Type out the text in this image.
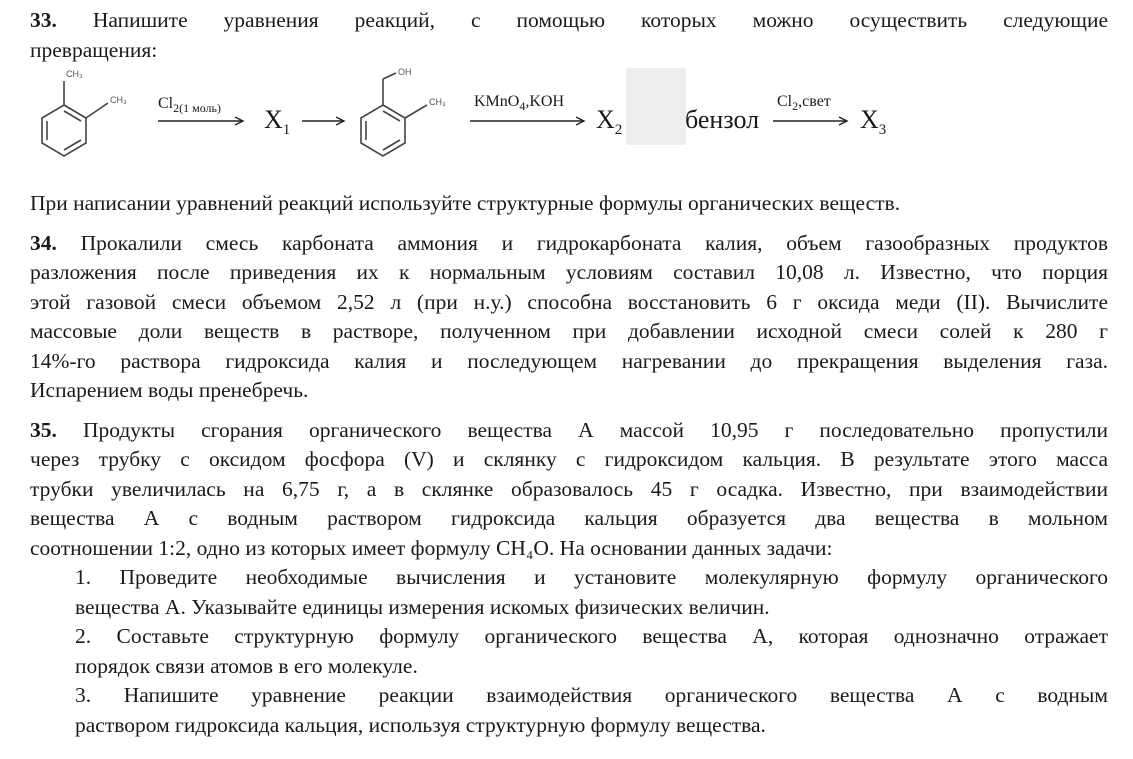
33. Напишите уравнения реакций, с помощью которых можно осуществить следующие
превращения:
CH₃
CH₃
OH
CH₃
$Cl_{2(1 моль)}$ $X_1$
KMnO$_4$,KOH
$X_2$ бензол
$Cl_2,свет$
$X_3$
При написании уравнений реакций используйте структурные формулы органических веществ.
34. Прокалили смесь карбоната аммония и гидрокарбоната калия, объем газообразных продуктов
разложения после приведения их к нормальным условиям составил 10,08 л. Известно, что порция
этой газовой смеси объемом 2,52 л (при н.у.) способна восстановить 6 г оксида меди (II). Вычислите
массовые доли веществ в растворе, полученном при добавлении исходной смеси солей к 280 г
14%-го раствора гидроксида калия и последующем нагревании до прекращения выделения газа.
Испарением воды пренебречь.
35. Продукты сгорания органического вещества А массой 10,95 г последовательно пропустили
через трубку с оксидом фосфора (V) и склянку с гидроксидом кальция. В результате этого масса
трубки увеличилась на 6,75 г, а в склянке образовалось 45 г осадка. Известно, при взаимодействии
вещества А с водным раствором гидроксида кальция образуется два вещества в мольном
соотношении 1:2, одно из которых имеет формулу CH₄O. На основании данных задачи:
1. Проведите необходимые вычисления и установите молекулярную формулу органического
вещества А. Указывайте единицы измерения искомых физических величин.
2. Составьте структурную формулу органического вещества А, которая однозначно отражает
порядок связи атомов в его молекуле.
3. Напишите уравнение реакции взаимодействия органического вещества А с водным
раствором гидроксида кальция, используя структурную формулу вещества.
